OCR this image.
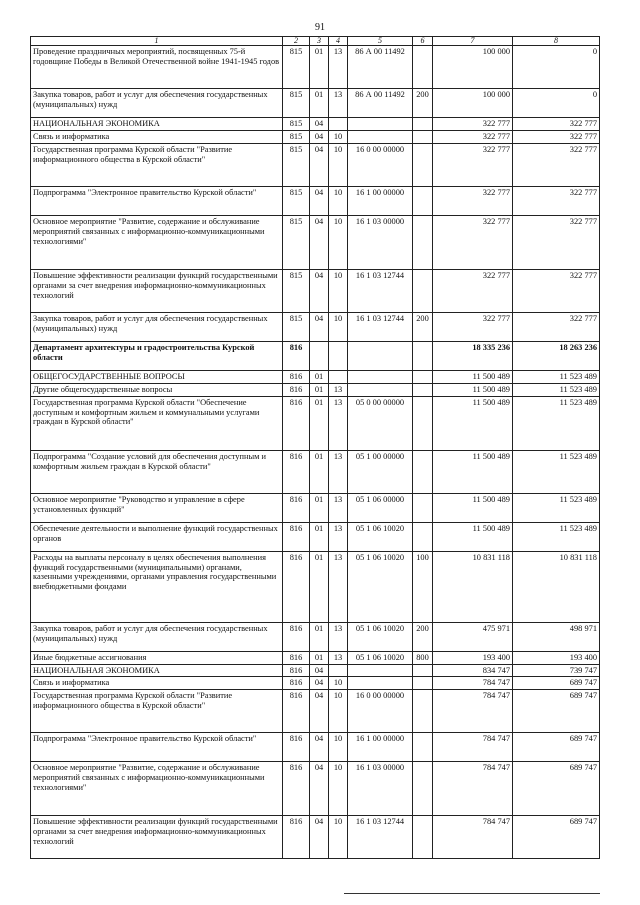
91
1	2	3	4	5	6	7	8
Проведение праздничных мероприятий, посвященных 75-й годовщине Победы в Великой Отечественной войне 1941-1945 годов	815	01	13	86 А 00 11492		100 000	0
Закупка товаров, работ и услуг для обеспечения государственных (муниципальных) нужд	815	01	13	86 А 00 11492	200	100 000	0
НАЦИОНАЛЬНАЯ ЭКОНОМИКА	815	04				322 777	322 777
Связь и информатика	815	04	10			322 777	322 777
Государственная программа Курской области "Развитие информационного общества в Курской области"	815	04	10	16 0 00 00000		322 777	322 777
Подпрограмма "Электронное правительство Курской области"	815	04	10	16 1 00 00000		322 777	322 777
Основное мероприятие "Развитие, содержание и обслуживание мероприятий связанных с информационно-коммуникационными технологиями"	815	04	10	16 1 03 00000		322 777	322 777
Повышение эффективности реализации функций государственными органами за счет внедрения информационно-коммуникационных технологий	815	04	10	16 1 03 12744		322 777	322 777
Закупка товаров, работ и услуг для обеспечения государственных (муниципальных) нужд	815	04	10	16 1 03 12744	200	322 777	322 777
Департамент архитектуры и градостроительства Курской области	816					18 335 236	18 263 236
ОБЩЕГОСУДАРСТВЕННЫЕ ВОПРОСЫ	816	01				11 500 489	11 523 489
Другие общегосударственные вопросы	816	01	13			11 500 489	11 523 489
Государственная программа Курской области "Обеспечение доступным и комфортным жильем и коммунальными услугами граждан в Курской области"	816	01	13	05 0 00 00000		11 500 489	11 523 489
Подпрограмма "Создание условий для обеспечения доступным и комфортным жильем граждан в Курской области"	816	01	13	05 1 00 00000		11 500 489	11 523 489
Основное мероприятие "Руководство и управление в сфере установленных функций"	816	01	13	05 1 06 00000		11 500 489	11 523 489
Обеспечение деятельности и выполнение функций государственных органов	816	01	13	05 1 06 10020		11 500 489	11 523 489
Расходы на выплаты персоналу в целях обеспечения выполнения функций государственными (муниципальными) органами, казенными учреждениями, органами управления государственными внебюджетными фондами	816	01	13	05 1 06 10020	100	10 831 118	10 831 118
Закупка товаров, работ и услуг для обеспечения государственных (муниципальных) нужд	816	01	13	05 1 06 10020	200	475 971	498 971
Иные бюджетные ассигнования	816	01	13	05 1 06 10020	800	193 400	193 400
НАЦИОНАЛЬНАЯ ЭКОНОМИКА	816	04				834 747	739 747
Связь и информатика	816	04	10			784 747	689 747
Государственная программа Курской области "Развитие информационного общества в Курской области"	816	04	10	16 0 00 00000		784 747	689 747
Подпрограмма "Электронное правительство Курской области"	816	04	10	16 1 00 00000		784 747	689 747
Основное мероприятие "Развитие, содержание и обслуживание мероприятий связанных с информационно-коммуникационными технологиями"	816	04	10	16 1 03 00000		784 747	689 747
Повышение эффективности реализации функций государственными органами за счет внедрения информационно-коммуникационных технологий	816	04	10	16 1 03 12744		784 747	689 747
